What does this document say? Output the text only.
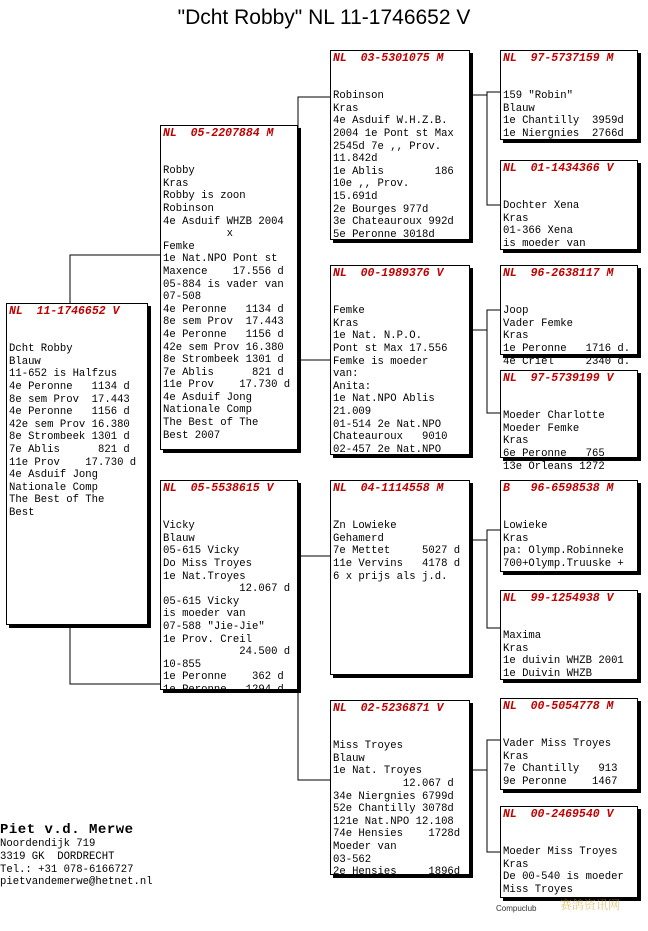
"Dcht Robby" NL 11-1746652 V
NL  11-1746652 V

Dcht Robby
Blauw
11-652 is Halfzus
4e Peronne   1134 d
8e sem Prov  17.443
4e Peronne   1156 d
42e sem Prov 16.380
8e Strombeek 1301 d
7e Ablis      821 d
11e Prov    17.730 d
4e Asduif Jong
Nationale Comp
The Best of The
Best

NL  05-2207884 M

Robby
Kras
Robby is zoon
Robinson
4e Asduif WHZB 2004
x
Femke
1e Nat.NPO Pont st
Maxence    17.556 d
05-884 is vader van
07-508
4e Peronne   1134 d
8e sem Prov  17.443
4e Peronne   1156 d
42e sem Prov 16.380
8e Strombeek 1301 d
7e Ablis      821 d
11e Prov    17.730 d
4e Asduif Jong
Nationale Comp
The Best of The
Best 2007

NL  05-5538615 V

Vicky
Blauw
05-615 Vicky
Do Miss Troyes
1e Nat.Troyes
12.067 d
05-615 Vicky
is moeder van
07-588 "Jie-Jie"
1e Prov. Creil
24.500 d
10-855
1e Peronne    362 d
1e Peronne   1294 d

NL  03-5301075 M

Robinson
Kras
4e Asduif W.H.Z.B.
2004 1e Pont st Max
2545d 7e ,, Prov.
11.842d
1e Ablis        186
10e ,, Prov.
15.691d
2e Bourges 977d
3e Chateauroux 992d
5e Peronne 3018d

NL  00-1989376 V

Femke
Kras
1e Nat. N.P.O.
Pont st Max 17.556
Femke is moeder
van:
Anita:
1e Nat.NPO Ablis
21.009
01-514 2e Nat.NPO
Chateauroux   9010
02-457 2e Nat.NPO

NL  04-1114558 M

Zn Lowieke
Gehamerd
7e Mettet     5027 d
11e Vervins   4178 d
6 x prijs als j.d.

NL  02-5236871 V

Miss Troyes
Blauw
1e Nat. Troyes
12.067 d
34e Niergnies 6799d
52e Chantilly 3078d
121e Nat.NPO 12.108
74e Hensies    1728d
Moeder van
03-562
2e Hensies     1896d

NL  97-5737159 M

159 "Robin"
Blauw
1e Chantilly  3959d
1e Niergnies  2766d

NL  01-1434366 V

Dochter Xena
Kras
01-366 Xena
is moeder van

NL  96-2638117 M

Joop
Vader Femke
Kras
1e Peronne   1716 d.
4e Criel     2340 d.

NL  97-5739199 V

Moeder Charlotte
Moeder Femke
Kras
6e Peronne   765
13e Orleans 1272

B   96-6598538 M

Lowieke
Kras
pa: Olymp.Robinneke
700+Olymp.Truuske +

NL  99-1254938 V

Maxima
Kras
1e duivin WHZB 2001
1e Duivin WHZB

NL  00-5054778 M

Vader Miss Troyes
Kras
7e Chantilly   913
9e Peronne    1467

NL  00-2469540 V

Moeder Miss Troyes
Kras
De 00-540 is moeder
Miss Troyes

Piet v.d. Merwe
Noordendijk 719
3319 GK  DORDRECHT
Tel.: +31 078-6166727
pietvandemerwe@hetnet.nl
Compuclub 赛鸽资讯网
